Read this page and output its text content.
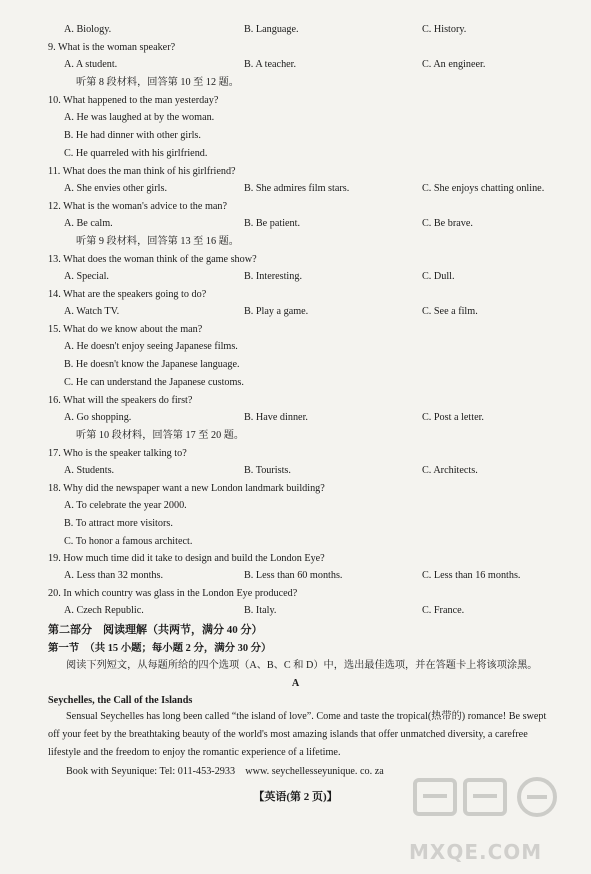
A. Biology.	B. Language.	C. History.
9. What is the woman speaker?
A. A student.	B. A teacher.	C. An engineer.
听第 8 段材料，回答第 10 至 12 题。
10. What happened to the man yesterday?
A. He was laughed at by the woman.
B. He had dinner with other girls.
C. He quarreled with his girlfriend.
11. What does the man think of his girlfriend?
A. She envies other girls.	B. She admires film stars.	C. She enjoys chatting online.
12. What is the woman's advice to the man?
A. Be calm.	B. Be patient.	C. Be brave.
听第 9 段材料，回答第 13 至 16 题。
13. What does the woman think of the game show?
A. Special.	B. Interesting.	C. Dull.
14. What are the speakers going to do?
A. Watch TV.	B. Play a game.	C. See a film.
15. What do we know about the man?
A. He doesn't enjoy seeing Japanese films.
B. He doesn't know the Japanese language.
C. He can understand the Japanese customs.
16. What will the speakers do first?
A. Go shopping.	B. Have dinner.	C. Post a letter.
听第 10 段材料，回答第 17 至 20 题。
17. Who is the speaker talking to?
A. Students.	B. Tourists.	C. Architects.
18. Why did the newspaper want a new London landmark building?
A. To celebrate the year 2000.
B. To attract more visitors.
C. To honor a famous architect.
19. How much time did it take to design and build the London Eye?
A. Less than 32 months.	B. Less than 60 months.	C. Less than 16 months.
20. In which country was glass in the London Eye produced?
A. Czech Republic.	B. Italy.	C. France.
第二部分　阅读理解（共两节，满分 40 分）
第一节　（共 15 小题；每小题 2 分，满分 30 分）
阅读下列短文，从每题所给的四个选项（A、B、C 和 D）中，选出最佳选项，并在答题卡上将该项涂黑。
A
Seychelles, the Call of the Islands
Sensual Seychelles has long been called “the island of love”. Come and taste the tropical(热带的) romance! Be swept off your feet by the breathtaking beauty of the world's most amazing islands that offer unmatched diversity, a carefree lifestyle and the freedom to enjoy the romantic experience of a lifetime.
Book with Seyunique: Tel: 011-453-2933　www. seychellesseyunique. co. za
【英语(第 2 页)】
MXQE.COM
